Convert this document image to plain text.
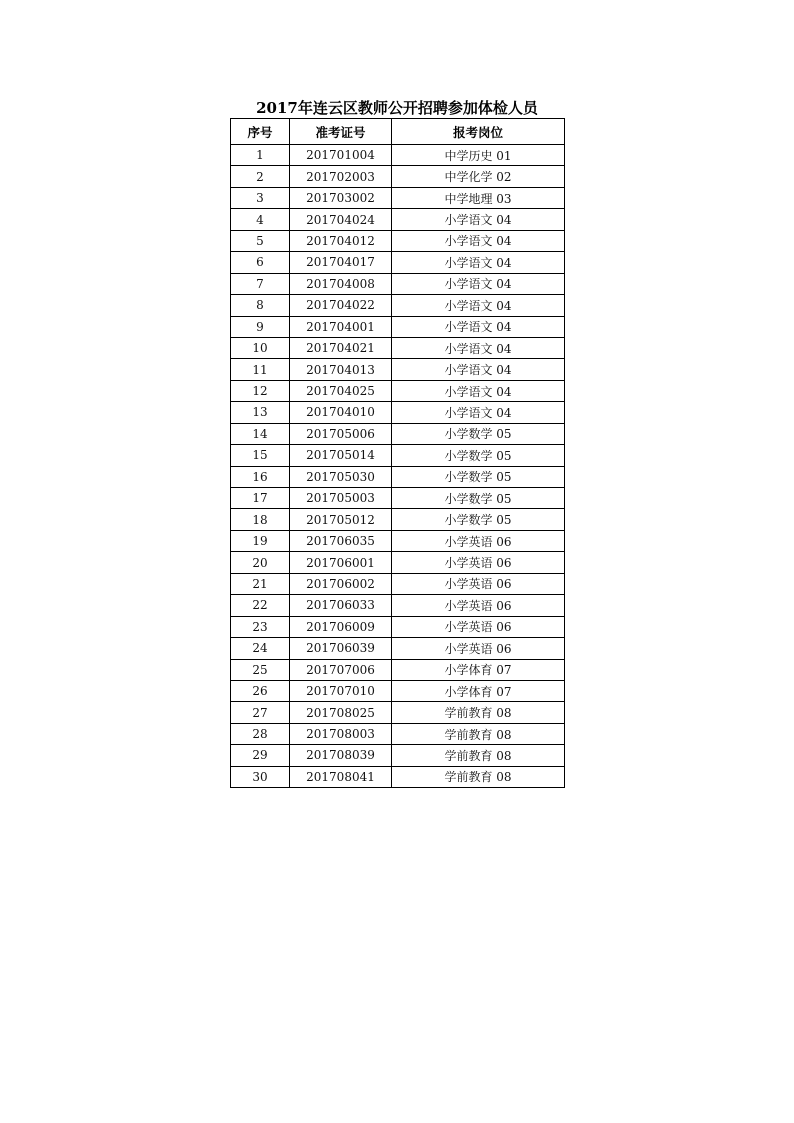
2017年连云区教师公开招聘参加体检人员
序号	准考证号	报考岗位
1	201701004	中学历史 01
2	201702003	中学化学 02
3	201703002	中学地理 03
4	201704024	小学语文 04
5	201704012	小学语文 04
6	201704017	小学语文 04
7	201704008	小学语文 04
8	201704022	小学语文 04
9	201704001	小学语文 04
10	201704021	小学语文 04
11	201704013	小学语文 04
12	201704025	小学语文 04
13	201704010	小学语文 04
14	201705006	小学数学 05
15	201705014	小学数学 05
16	201705030	小学数学 05
17	201705003	小学数学 05
18	201705012	小学数学 05
19	201706035	小学英语 06
20	201706001	小学英语 06
21	201706002	小学英语 06
22	201706033	小学英语 06
23	201706009	小学英语 06
24	201706039	小学英语 06
25	201707006	小学体育 07
26	201707010	小学体育 07
27	201708025	学前教育 08
28	201708003	学前教育 08
29	201708039	学前教育 08
30	201708041	学前教育 08
